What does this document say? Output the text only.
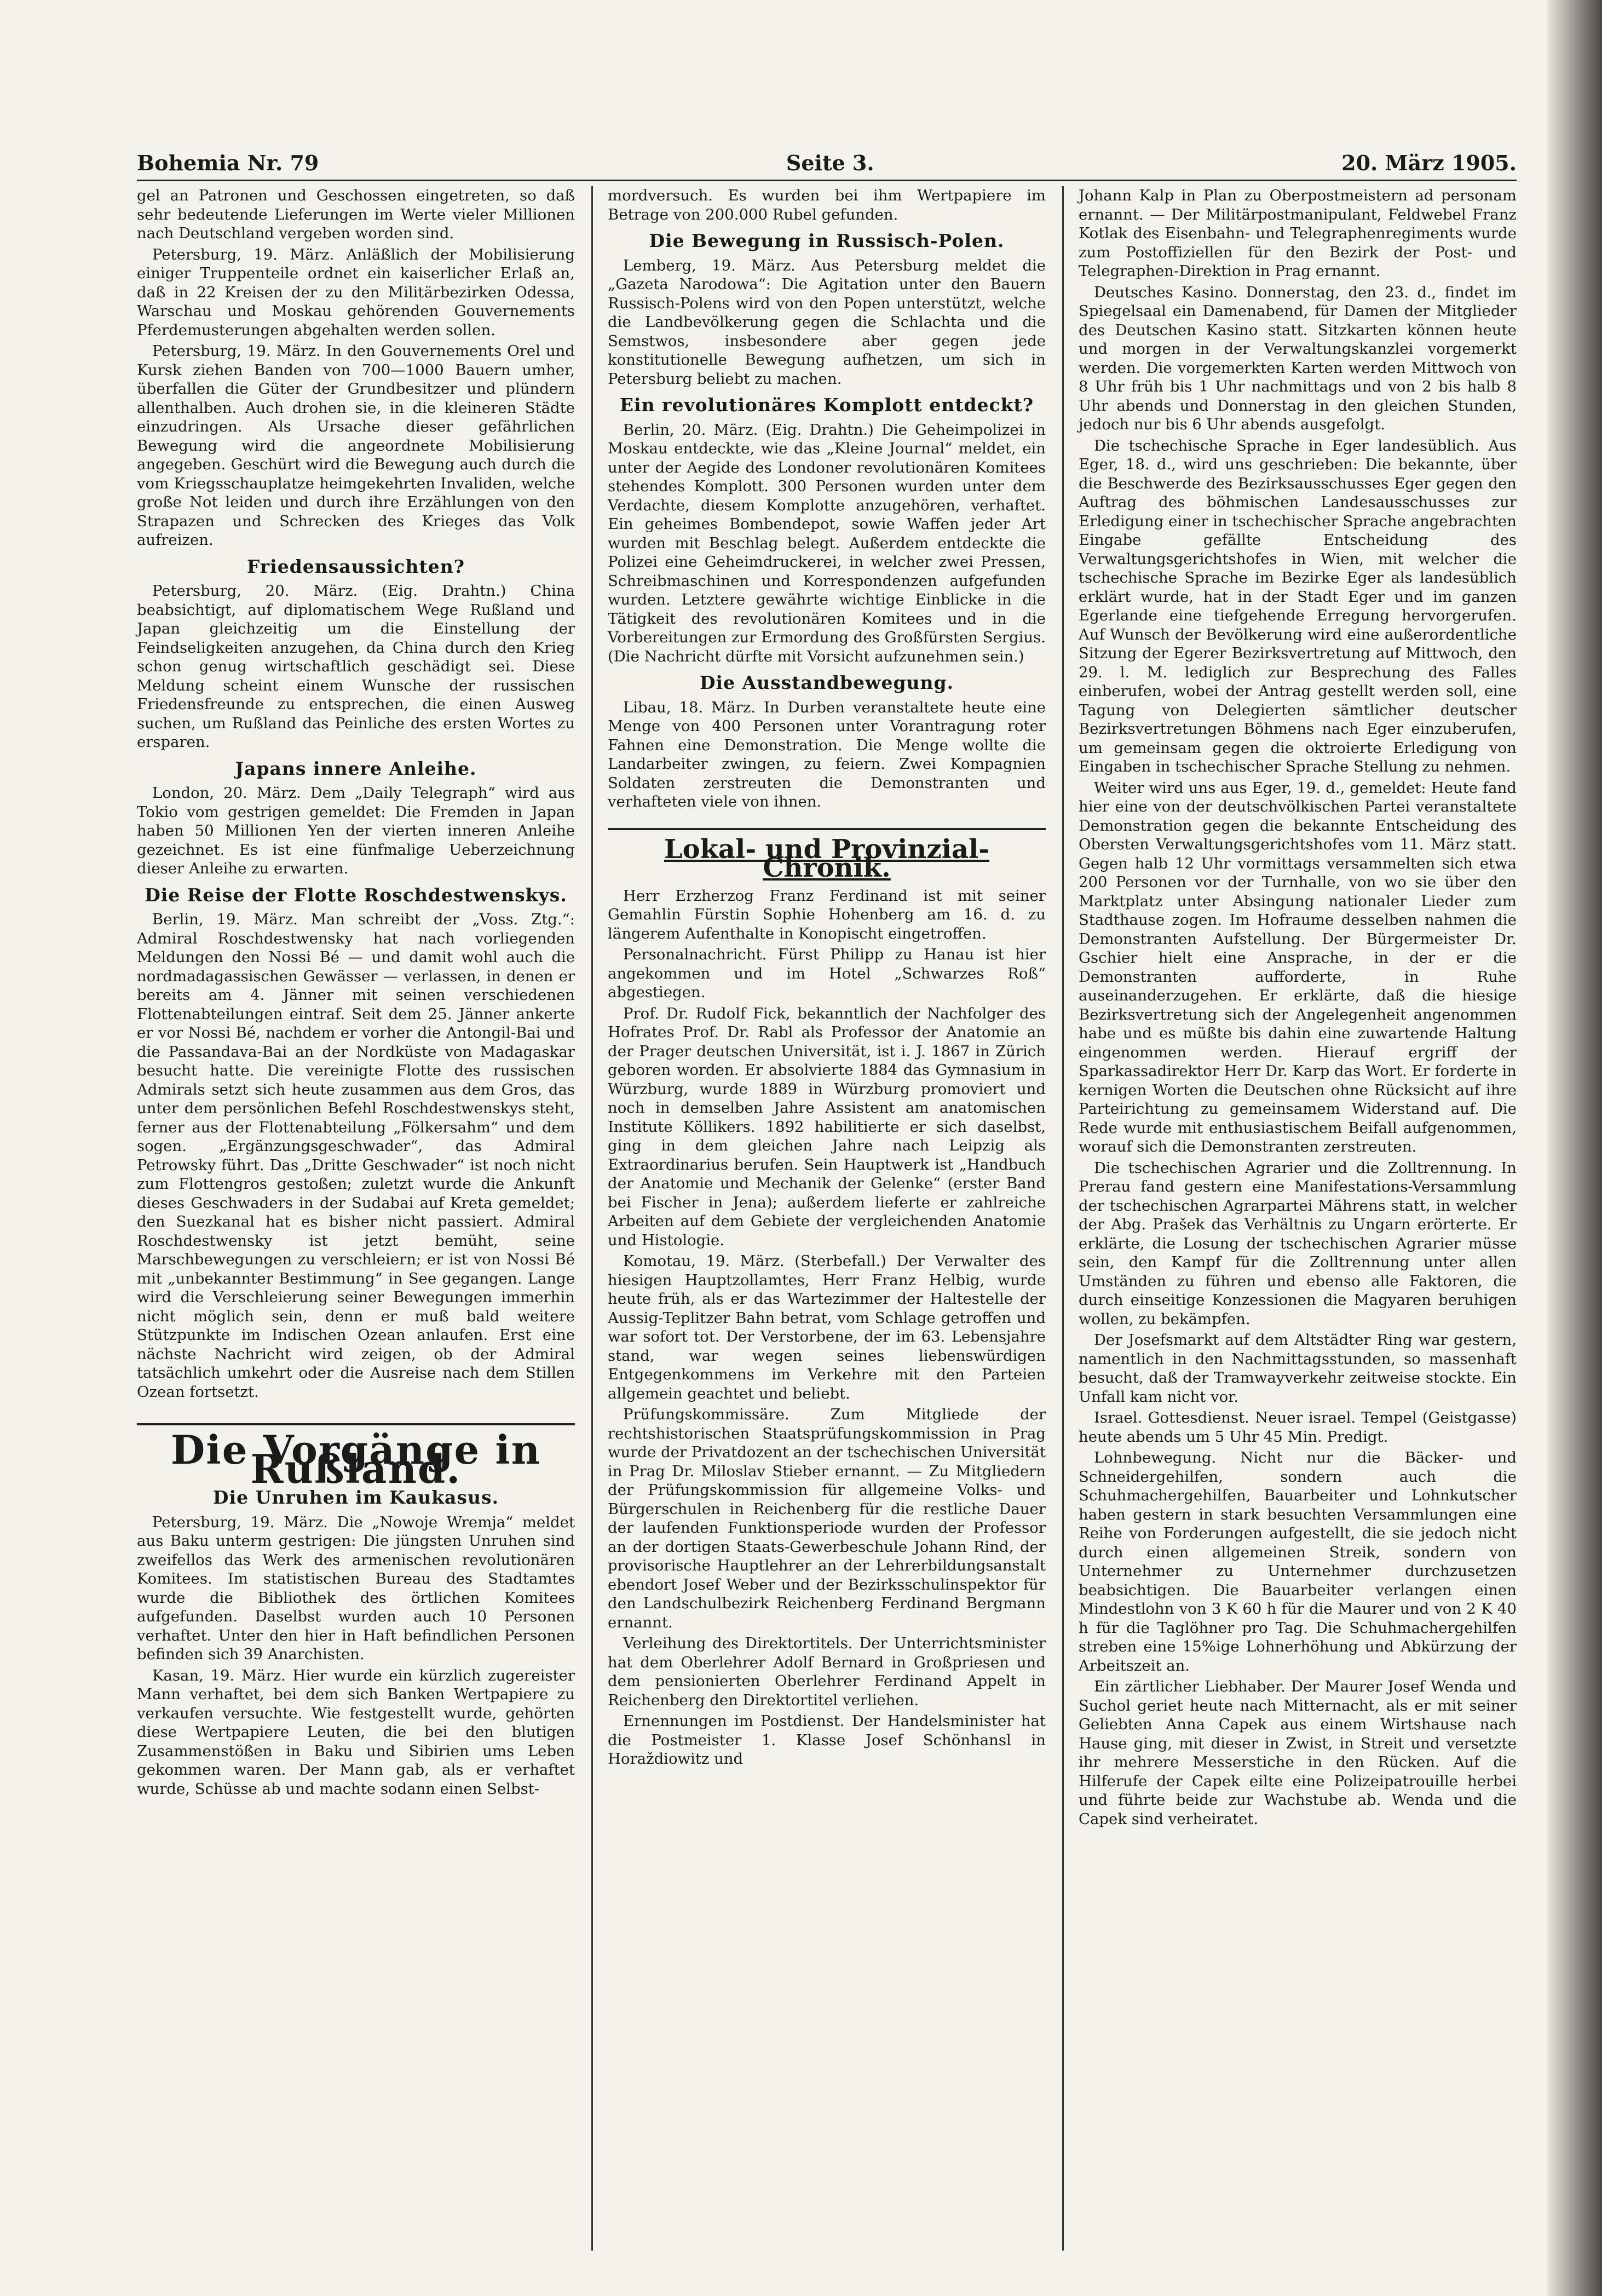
Bohemia Nr. 79	Seite 3.	20. März 1905.

gel an Patronen und Geschossen eingetreten, so daß sehr bedeutende Lieferungen im Werte vieler Millionen nach Deutschland vergeben worden sind.

Petersburg, 19. März. Anläßlich der Mobilisierung einiger Truppenteile ordnet ein kaiserlicher Erlaß an, daß in 22 Kreisen der zu den Militärbezirken Odessa, Warschau und Moskau gehörenden Gouvernements Pferdemusterungen abgehalten werden sollen.

Petersburg, 19. März. In den Gouvernements Orel und Kursk ziehen Banden von 700—1000 Bauern umher, überfallen die Güter der Grundbesitzer und plündern allenthalben. Auch drohen sie, in die kleineren Städte einzudringen. Als Ursache dieser gefährlichen Bewegung wird die angeordnete Mobilisierung angegeben. Geschürt wird die Bewegung auch durch die vom Kriegsschauplatze heimgekehrten Invaliden, welche große Not leiden und durch ihre Erzählungen von den Strapazen und Schrecken des Krieges das Volk aufreizen.

Friedensaussichten?

Petersburg, 20. März. (Eig. Drahtn.) China beabsichtigt, auf diplomatischem Wege Rußland und Japan gleichzeitig um die Einstellung der Feindseligkeiten anzugehen, da China durch den Krieg schon genug wirtschaftlich geschädigt sei. Diese Meldung scheint einem Wunsche der russischen Friedensfreunde zu entsprechen, die einen Ausweg suchen, um Rußland das Peinliche des ersten Wortes zu ersparen.

Japans innere Anleihe.

London, 20. März. Dem „Daily Telegraph“ wird aus Tokio vom gestrigen gemeldet: Die Fremden in Japan haben 50 Millionen Yen der vierten inneren Anleihe gezeichnet. Es ist eine fünfmalige Ueberzeichnung dieser Anleihe zu erwarten.

Die Reise der Flotte Roschdestwenskys.

Berlin, 19. März. Man schreibt der „Voss. Ztg.“: Admiral Roschdestwensky hat nach vorliegenden Meldungen den Nossi Bé — und damit wohl auch die nordmadagassischen Gewässer — verlassen, in denen er bereits am 4. Jänner mit seinen verschiedenen Flottenabteilungen eintraf. Seit dem 25. Jänner ankerte er vor Nossi Bé, nachdem er vorher die Antongil-Bai und die Passandava-Bai an der Nordküste von Madagaskar besucht hatte. Die vereinigte Flotte des russischen Admirals setzt sich heute zusammen aus dem Gros, das unter dem persönlichen Befehl Roschdestwenskys steht, ferner aus der Flottenabteilung „Fölkersahm“ und dem sogen. „Ergänzungsgeschwader“, das Admiral Petrowsky führt. Das „Dritte Geschwader“ ist noch nicht zum Flottengros gestoßen; zuletzt wurde die Ankunft dieses Geschwaders in der Sudabai auf Kreta gemeldet; den Suezkanal hat es bisher nicht passiert. Admiral Roschdestwensky ist jetzt bemüht, seine Marschbewegungen zu verschleiern; er ist von Nossi Bé mit „unbekannter Bestimmung“ in See gegangen. Lange wird die Verschleierung seiner Bewegungen immerhin nicht möglich sein, denn er muß bald weitere Stützpunkte im Indischen Ozean anlaufen. Erst eine nächste Nachricht wird zeigen, ob der Admiral tatsächlich umkehrt oder die Ausreise nach dem Stillen Ozean fortsetzt.

Die Vorgänge in Rußland.
Die Unruhen im Kaukasus.

Petersburg, 19. März. Die „Nowoje Wremja“ meldet aus Baku unterm gestrigen: Die jüngsten Unruhen sind zweifellos das Werk des armenischen revolutionären Komitees. Im statistischen Bureau des Stadtamtes wurde die Bibliothek des örtlichen Komitees aufgefunden. Daselbst wurden auch 10 Personen verhaftet. Unter den hier in Haft befindlichen Personen befinden sich 39 Anarchisten.

Kasan, 19. März. Hier wurde ein kürzlich zugereister Mann verhaftet, bei dem sich Banken Wertpapiere zu verkaufen versuchte. Wie festgestellt wurde, gehörten diese Wertpapiere Leuten, die bei den blutigen Zusammenstößen in Baku und Sibirien ums Leben gekommen waren. Der Mann gab, als er verhaftet wurde, Schüsse ab und machte sodann einen Selbst-

mordversuch. Es wurden bei ihm Wertpapiere im Betrage von 200.000 Rubel gefunden.

Die Bewegung in Russisch-Polen.

Lemberg, 19. März. Aus Petersburg meldet die „Gazeta Narodowa“: Die Agitation unter den Bauern Russisch-Polens wird von den Popen unterstützt, welche die Landbevölkerung gegen die Schlachta und die Semstwos, insbesondere aber gegen jede konstitutionelle Bewegung aufhetzen, um sich in Petersburg beliebt zu machen.

Ein revolutionäres Komplott entdeckt?

Berlin, 20. März. (Eig. Drahtn.) Die Geheimpolizei in Moskau entdeckte, wie das „Kleine Journal“ meldet, ein unter der Aegide des Londoner revolutionären Komitees stehendes Komplott. 300 Personen wurden unter dem Verdachte, diesem Komplotte anzugehören, verhaftet. Ein geheimes Bombendepot, sowie Waffen jeder Art wurden mit Beschlag belegt. Außerdem entdeckte die Polizei eine Geheimdruckerei, in welcher zwei Pressen, Schreibmaschinen und Korrespondenzen aufgefunden wurden. Letztere gewährte wichtige Einblicke in die Tätigkeit des revolutionären Komitees und in die Vorbereitungen zur Ermordung des Großfürsten Sergius. (Die Nachricht dürfte mit Vorsicht aufzunehmen sein.)

Die Ausstandbewegung.

Libau, 18. März. In Durben veranstaltete heute eine Menge von 400 Personen unter Vorantragung roter Fahnen eine Demonstration. Die Menge wollte die Landarbeiter zwingen, zu feiern. Zwei Kompagnien Soldaten zerstreuten die Demonstranten und verhafteten viele von ihnen.

Lokal- und Provinzial-Chronik.

Herr Erzherzog Franz Ferdinand ist mit seiner Gemahlin Fürstin Sophie Hohenberg am 16. d. zu längerem Aufenthalte in Konopischt eingetroffen.

Personalnachricht. Fürst Philipp zu Hanau ist hier angekommen und im Hotel „Schwarzes Roß“ abgestiegen.

Prof. Dr. Rudolf Fick, bekanntlich der Nachfolger des Hofrates Prof. Dr. Rabl als Professor der Anatomie an der Prager deutschen Universität, ist i. J. 1867 in Zürich geboren worden. Er absolvierte 1884 das Gymnasium in Würzburg, wurde 1889 in Würzburg promoviert und noch in demselben Jahre Assistent am anatomischen Institute Köllikers. 1892 habilitierte er sich daselbst, ging in dem gleichen Jahre nach Leipzig als Extraordinarius berufen. Sein Hauptwerk ist „Handbuch der Anatomie und Mechanik der Gelenke“ (erster Band bei Fischer in Jena); außerdem lieferte er zahlreiche Arbeiten auf dem Gebiete der vergleichenden Anatomie und Histologie.

Komotau, 19. März. (Sterbefall.) Der Verwalter des hiesigen Hauptzollamtes, Herr Franz Helbig, wurde heute früh, als er das Wartezimmer der Haltestelle der Aussig-Teplitzer Bahn betrat, vom Schlage getroffen und war sofort tot. Der Verstorbene, der im 63. Lebensjahre stand, war wegen seines liebenswürdigen Entgegenkommens im Verkehre mit den Parteien allgemein geachtet und beliebt.

Prüfungskommissäre. Zum Mitgliede der rechtshistorischen Staatsprüfungskommission in Prag wurde der Privatdozent an der tschechischen Universität in Prag Dr. Miloslav Stieber ernannt. — Zu Mitgliedern der Prüfungskommission für allgemeine Volks- und Bürgerschulen in Reichenberg für die restliche Dauer der laufenden Funktionsperiode wurden der Professor an der dortigen Staats-Gewerbeschule Johann Rind, der provisorische Hauptlehrer an der Lehrerbildungsanstalt ebendort Josef Weber und der Bezirksschulinspektor für den Landschulbezirk Reichenberg Ferdinand Bergmann ernannt.

Verleihung des Direktortitels. Der Unterrichtsminister hat dem Oberlehrer Adolf Bernard in Großpriesen und dem pensionierten Oberlehrer Ferdinand Appelt in Reichenberg den Direktortitel verliehen.

Ernennungen im Postdienst. Der Handelsminister hat die Postmeister 1. Klasse Josef Schönhansl in Horaždiowitz und

Johann Kalp in Plan zu Oberpostmeistern ad personam ernannt. — Der Militärpostmanipulant, Feldwebel Franz Kotlak des Eisenbahn- und Telegraphenregiments wurde zum Postoffiziellen für den Bezirk der Post- und Telegraphen-Direktion in Prag ernannt.

Deutsches Kasino. Donnerstag, den 23. d., findet im Spiegelsaal ein Damenabend, für Damen der Mitglieder des Deutschen Kasino statt. Sitzkarten können heute und morgen in der Verwaltungskanzlei vorgemerkt werden. Die vorgemerkten Karten werden Mittwoch von 8 Uhr früh bis 1 Uhr nachmittags und von 2 bis halb 8 Uhr abends und Donnerstag in den gleichen Stunden, jedoch nur bis 6 Uhr abends ausgefolgt.

Die tschechische Sprache in Eger landesüblich. Aus Eger, 18. d., wird uns geschrieben: Die bekannte, über die Beschwerde des Bezirksausschusses Eger gegen den Auftrag des böhmischen Landesausschusses zur Erledigung einer in tschechischer Sprache angebrachten Eingabe gefällte Entscheidung des Verwaltungsgerichtshofes in Wien, mit welcher die tschechische Sprache im Bezirke Eger als landesüblich erklärt wurde, hat in der Stadt Eger und im ganzen Egerlande eine tiefgehende Erregung hervorgerufen. Auf Wunsch der Bevölkerung wird eine außerordentliche Sitzung der Egerer Bezirksvertretung auf Mittwoch, den 29. l. M. lediglich zur Besprechung des Falles einberufen, wobei der Antrag gestellt werden soll, eine Tagung von Delegierten sämtlicher deutscher Bezirksvertretungen Böhmens nach Eger einzuberufen, um gemeinsam gegen die oktroierte Erledigung von Eingaben in tschechischer Sprache Stellung zu nehmen.

Weiter wird uns aus Eger, 19. d., gemeldet: Heute fand hier eine von der deutschvölkischen Partei veranstaltete Demonstration gegen die bekannte Entscheidung des Obersten Verwaltungsgerichtshofes vom 11. März statt. Gegen halb 12 Uhr vormittags versammelten sich etwa 200 Personen vor der Turnhalle, von wo sie über den Marktplatz unter Absingung nationaler Lieder zum Stadthause zogen. Im Hofraume desselben nahmen die Demonstranten Aufstellung. Der Bürgermeister Dr. Gschier hielt eine Ansprache, in der er die Demonstranten aufforderte, in Ruhe auseinanderzugehen. Er erklärte, daß die hiesige Bezirksvertretung sich der Angelegenheit angenommen habe und es müßte bis dahin eine zuwartende Haltung eingenommen werden. Hierauf ergriff der Sparkassadirektor Herr Dr. Karp das Wort. Er forderte in kernigen Worten die Deutschen ohne Rücksicht auf ihre Parteirichtung zu gemeinsamem Widerstand auf. Die Rede wurde mit enthusiastischem Beifall aufgenommen, worauf sich die Demonstranten zerstreuten.

Die tschechischen Agrarier und die Zolltrennung. In Prerau fand gestern eine Manifestations-Versammlung der tschechischen Agrarpartei Mährens statt, in welcher der Abg. Prašek das Verhältnis zu Ungarn erörterte. Er erklärte, die Losung der tschechischen Agrarier müsse sein, den Kampf für die Zolltrennung unter allen Umständen zu führen und ebenso alle Faktoren, die durch einseitige Konzessionen die Magyaren beruhigen wollen, zu bekämpfen.

Der Josefsmarkt auf dem Altstädter Ring war gestern, namentlich in den Nachmittagsstunden, so massenhaft besucht, daß der Tramwayverkehr zeitweise stockte. Ein Unfall kam nicht vor.

Israel. Gottesdienst. Neuer israel. Tempel (Geistgasse) heute abends um 5 Uhr 45 Min. Predigt.

Lohnbewegung. Nicht nur die Bäcker- und Schneidergehilfen, sondern auch die Schuhmachergehilfen, Bauarbeiter und Lohnkutscher haben gestern in stark besuchten Versammlungen eine Reihe von Forderungen aufgestellt, die sie jedoch nicht durch einen allgemeinen Streik, sondern von Unternehmer zu Unternehmer durchzusetzen beabsichtigen. Die Bauarbeiter verlangen einen Mindestlohn von 3 K 60 h für die Maurer und von 2 K 40 h für die Taglöhner pro Tag. Die Schuhmachergehilfen streben eine 15%ige Lohnerhöhung und Abkürzung der Arbeitszeit an.

Ein zärtlicher Liebhaber. Der Maurer Josef Wenda und Suchol geriet heute nach Mitternacht, als er mit seiner Geliebten Anna Capek aus einem Wirtshause nach Hause ging, mit dieser in Zwist, in Streit und versetzte ihr mehrere Messerstiche in den Rücken. Auf die Hilferufe der Capek eilte eine Polizeipatrouille herbei und führte beide zur Wachstube ab. Wenda und die Capek sind verheiratet.
